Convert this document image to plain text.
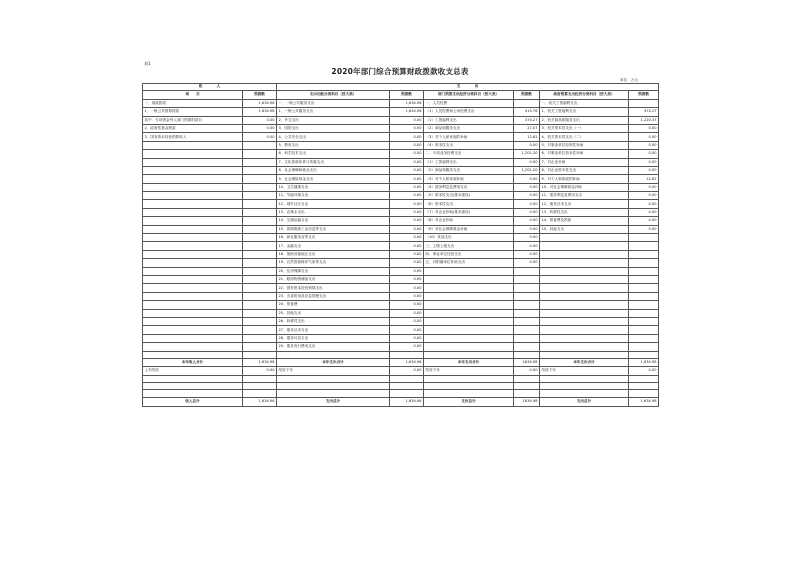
表1
2020年部门综合预算财政拨款收支总表
单位：万元
收　　　　入		支　　　　出					
项　　目	预算数	支出功能分类科目（按大类）	预算数	部门预算支出经济分类科目（按大类）	预算数	政府预算支出经济分类科目（按大类）	预算数
一、财政拨款	1,634.98	一、一般公共服务支出	1,634.98	一、人员经费		一、机关工资福利支出	
1、一般公共预算拨款	1,634.98	1、一般公共服务支出	1,634.98	（1）人员经费和公用经费支出	415.76	1、机关工资福利支出	374.27
其中：专项资金列入部门预算的项目	0.00	2、外交支出	0.00	（1）工资福利支出	374.27	2、机关商品和服务支出	1,220.37
2、政府性基金拨款	0.00	3、国防支出	0.00	（2）商品和服务支出	27.07	3、机关资本性支出（一）	0.00
3、国有资本经营预算收入	0.00	4、公共安全支出	0.00	（3）对个人和家庭的补助	12.62	4、机关资本性支出（二）	0.00
		5、教育支出	0.00	（4）资本性支出	0.00	5、对事业单位经常性补助	0.00
		6、科学技术支出	0.00	二、专项业务经费支出	1,201.20	6、对事业单位资本性补助	0.00
		7、文化旅游体育与传媒支出	0.00	（1）工资福利支出	0.00	7、对企业补助	0.00
		8、社会保障和就业支出	0.00	（2）商品和服务支出	1,201.20	8、对企业资本性支出	0.00
		9、社会保险基金支出	0.00	（3）对个人和家庭补助	0.00	9、对个人和家庭的补助	12.62
		10、卫生健康支出	0.00	（4）债务利息及费用支出	0.00	10、对社会保障基金补助	0.00
		11、节能环保支出	0.00	（5）资本性支出(基本建设)	0.00	11、债务利息及费用支出	0.00
		12、城乡社区支出	0.00	（6）资本性支出	0.00	12、债务还本支出	0.00
		13、农林水支出	0.00	（7）对企业补助(基本建设)	0.00	13、转移性支出	0.00
		14、交通运输支出	0.00	（8）对企业补助	0.00	14、预备费及预留	0.00
		15、资源勘探工业信息等支出	0.00	（9）对社会保障基金补助	0.00	15、其他支出	0.00
		16、商业服务业等支出	0.00	（10）其他支出	0.00		
		17、金融支出	0.00	三、上缴上级支出	0.00		
		18、援助其他地区支出	0.00	四、事业单位经营支出	0.00		
		19、自然资源海洋气象等支出	0.00	五、对附属单位补助支出	0.00		
		20、住房保障支出	0.00				
		21、粮油物资储备支出	0.00				
		22、国有资本经营预算支出	0.00				
		23、灾害防治及应急管理支出	0.00				
		24、预备费	0.00				
		25、其他支出	0.00				
		26、转移性支出	0.00				
		27、债务还本支出	0.00				
		28、债务付息支出	0.00				
		29、债务发行费用支出	0.00				

本年收入合计	1,634.98	本年支出合计	1,634.98	本年支出合计	1634.98	本年支出合计	1,634.98
上年结转	0.00	结转下年	0.00	结转下年	0.00	结转下年	0.00

收入总计	1,634.98	支出总计	1,634.98	支出总计	1634.98	支出总计	1,634.98
